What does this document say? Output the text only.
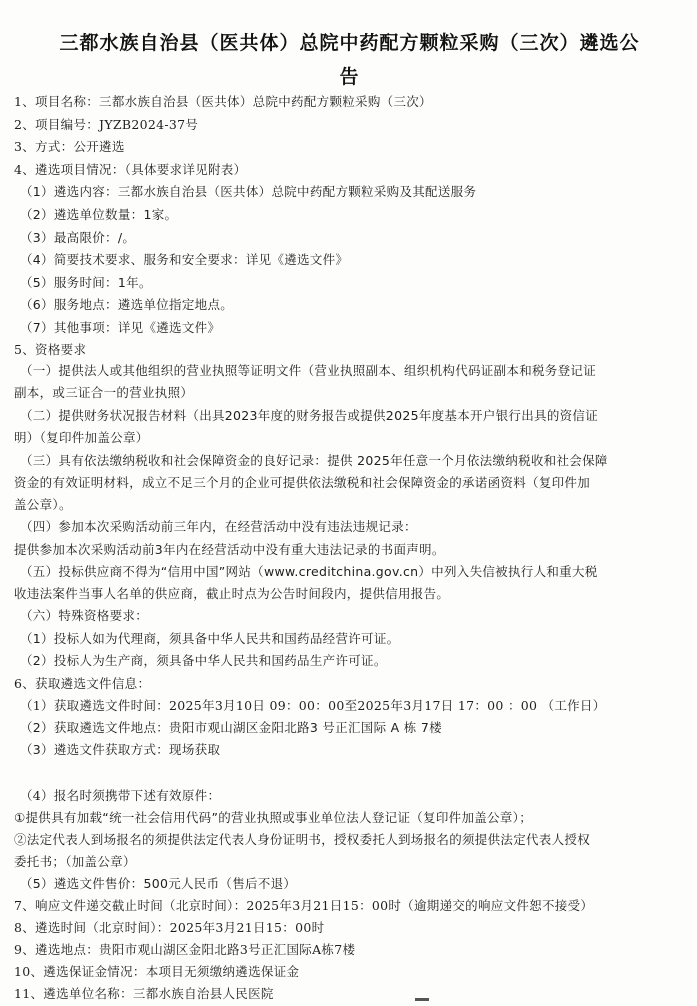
三都水族自治县（医共体）总院中药配方颗粒采购（三次）遴选公
告
1、项目名称：三都水族自治县（医共体）总院中药配方颗粒采购（三次）
2、项目编号：JYZB2024-37号
3、方式：公开遴选
4、遴选项目情况：（具体要求详见附表）
（1）遴选内容：三都水族自治县（医共体）总院中药配方颗粒采购及其配送服务
（2）遴选单位数量：1家。
（3）最高限价：/。
（4）简要技术要求、服务和安全要求：详见《遴选文件》
（5）服务时间：1年。
（6）服务地点：遴选单位指定地点。
（7）其他事项：详见《遴选文件》
5、资格要求
（一）提供法人或其他组织的营业执照等证明文件（营业执照副本、组织机构代码证副本和税务登记证
副本，或三证合一的营业执照）
（二）提供财务状况报告材料（出具2023年度的财务报告或提供2025年度基本开户银行出具的资信证
明）（复印件加盖公章）
（三）具有依法缴纳税收和社会保障资金的良好记录：提供 2025年任意一个月依法缴纳税收和社会保障
资金的有效证明材料，成立不足三个月的企业可提供依法缴税和社会保障资金的承诺函资料（复印件加
盖公章）。
（四）参加本次采购活动前三年内，在经营活动中没有违法违规记录：
提供参加本次采购活动前3年内在经营活动中没有重大违法记录的书面声明。
（五）投标供应商不得为“信用中国”网站（www.creditchina.gov.cn）中列入失信被执行人和重大税
收违法案件当事人名单的供应商，截止时点为公告时间段内，提供信用报告。
（六）特殊资格要求：
（1）投标人如为代理商，须具备中华人民共和国药品经营许可证。
（2）投标人为生产商，须具备中华人民共和国药品生产许可证。
6、获取遴选文件信息：
（1）获取遴选文件时间：2025年3月10日 09：00：00至2025年3月17日 17：00 ：00 （工作日）
（2）获取遴选文件地点：贵阳市观山湖区金阳北路3 号正汇国际 A 栋 7楼
（3）遴选文件获取方式：现场获取
（4）报名时须携带下述有效原件：
①提供具有加载“统一社会信用代码”的营业执照或事业单位法人登记证（复印件加盖公章）；
②法定代表人到场报名的须提供法定代表人身份证明书，授权委托人到场报名的须提供法定代表人授权
委托书；（加盖公章）
（5）遴选文件售价：500元人民币（售后不退）
7、响应文件递交截止时间（北京时间）：2025年3月21日15：00时（逾期递交的响应文件恕不接受）
8、遴选时间（北京时间）：2025年3月21日15：00时
9、遴选地点：贵阳市观山湖区金阳北路3号正汇国际A栋7楼
10、遴选保证金情况：本项目无须缴纳遴选保证金
11、遴选单位名称：三都水族自治县人民医院
